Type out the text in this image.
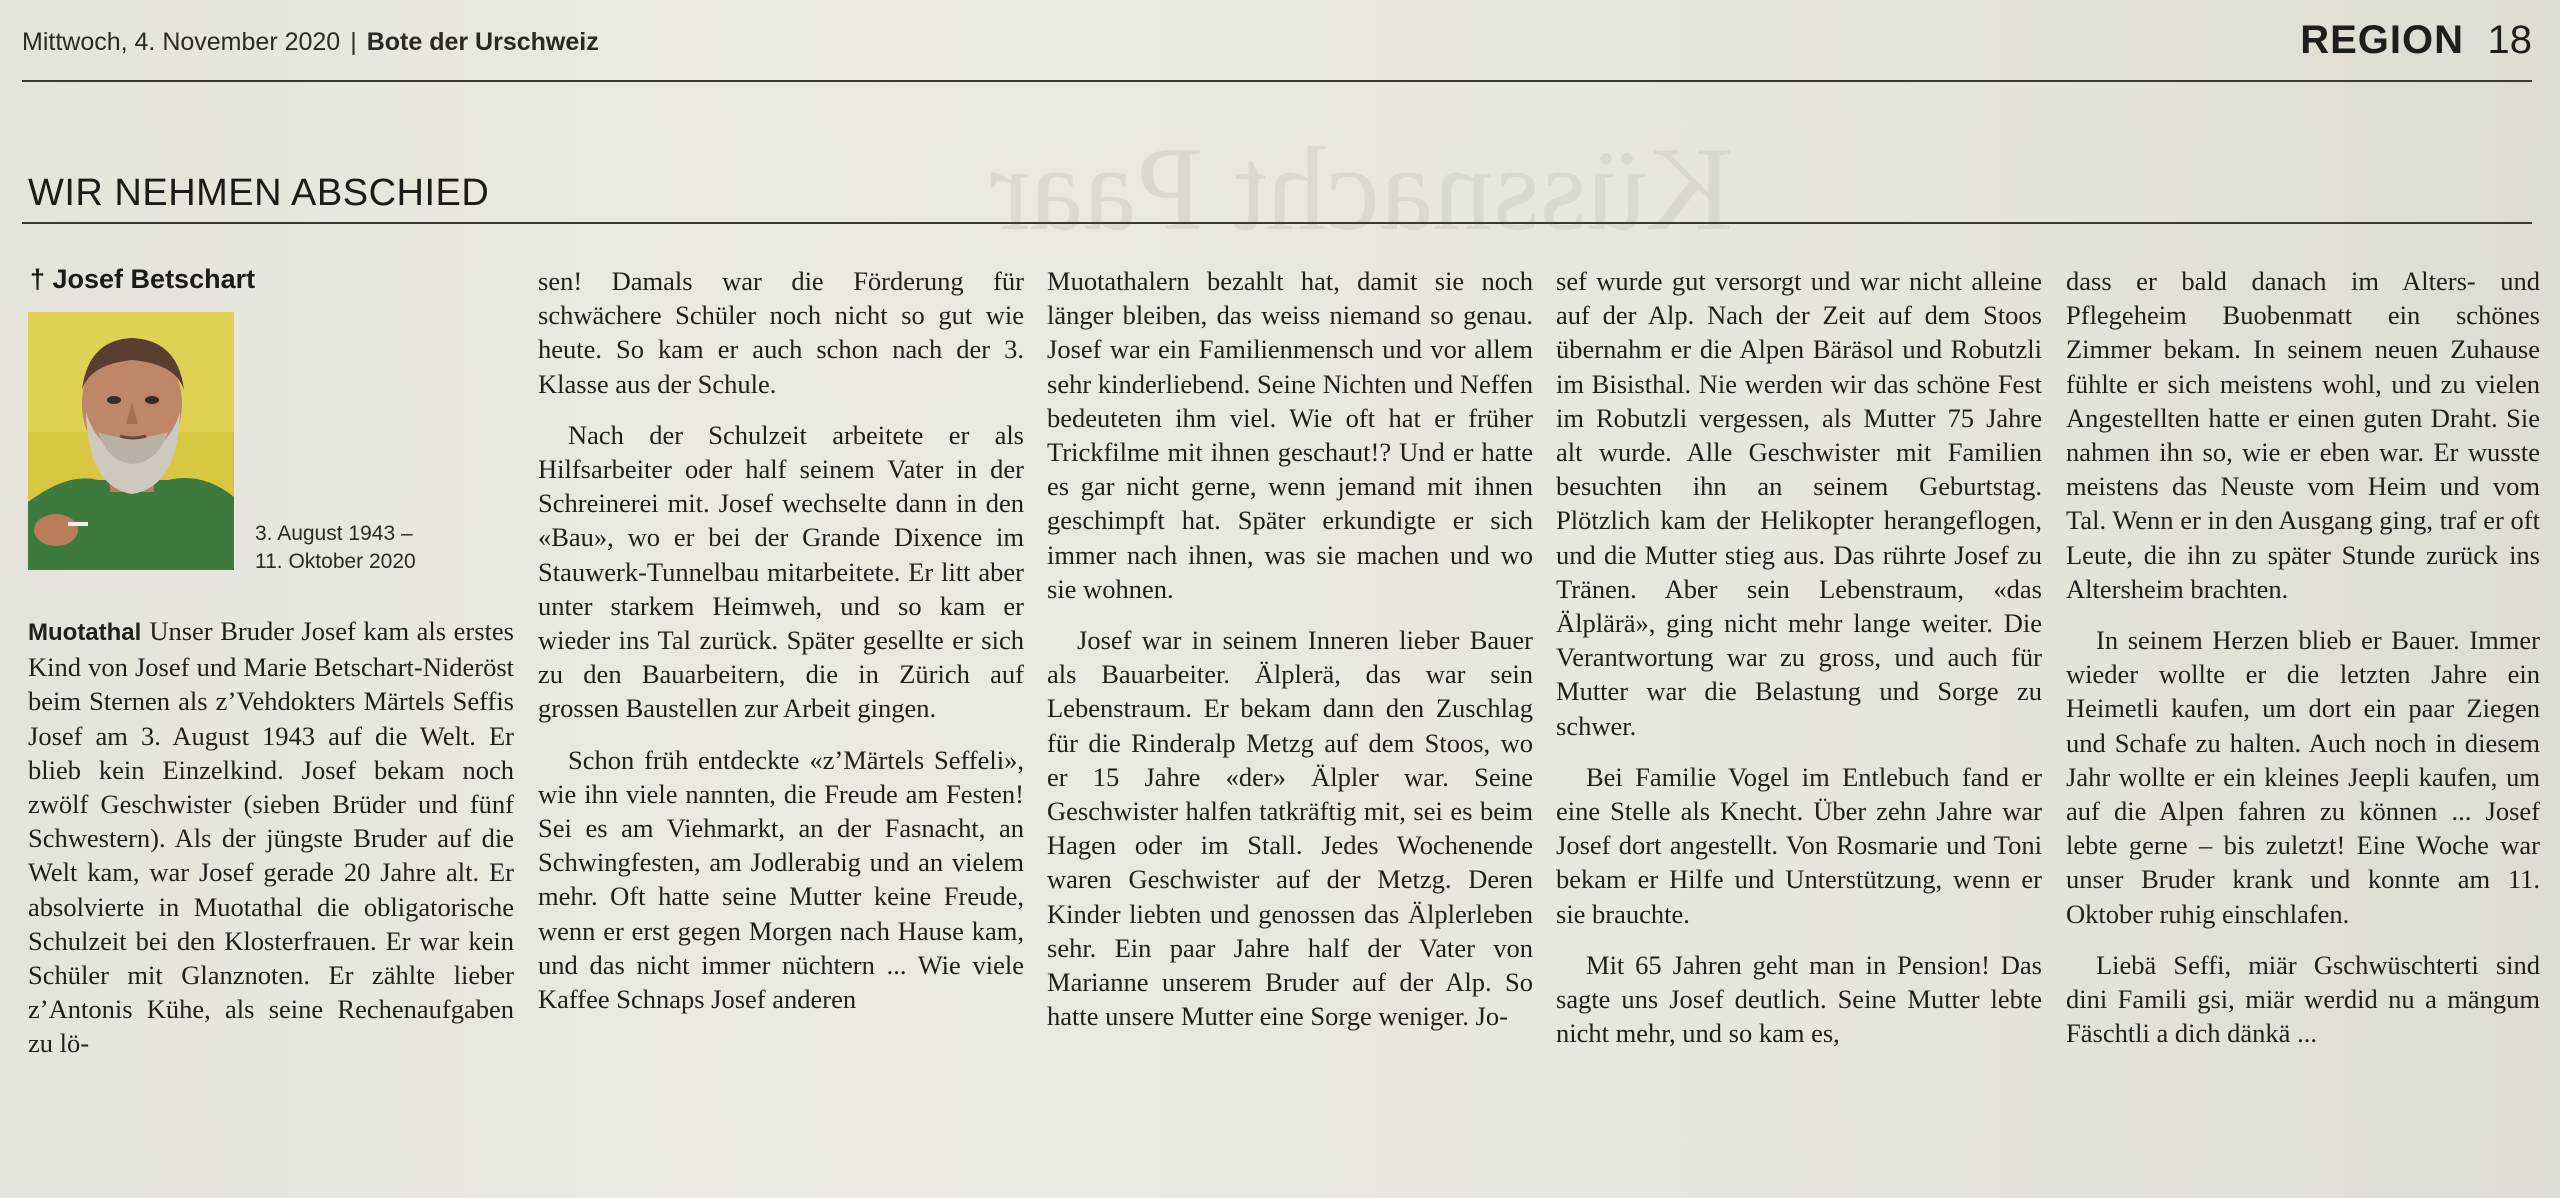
Küssnacht Paar
Mittwoch, 4. November 2020 | Bote der Urschweiz	REGION 18
WIR NEHMEN ABSCHIED
† Josef Betschart
3. August 1943 –
11. Oktober 2020

Muotathal Unser Bruder Josef kam als erstes Kind von Josef und Marie Betschart-Nideröst beim Sternen als z’Vehdokters Märtels Seffis Josef am 3. August 1943 auf die Welt. Er blieb kein Einzelkind. Josef bekam noch zwölf Geschwister (sieben Brüder und fünf Schwestern). Als der jüngste Bruder auf die Welt kam, war Josef gerade 20 Jahre alt. Er absolvierte in Muotathal die obligatorische Schulzeit bei den Klosterfrauen. Er war kein Schüler mit Glanznoten. Er zählte lieber z’Antonis Kühe, als seine Rechenaufgaben zu lö-

sen! Damals war die Förderung für schwächere Schüler noch nicht so gut wie heute. So kam er auch schon nach der 3. Klasse aus der Schule.

Nach der Schulzeit arbeitete er als Hilfsarbeiter oder half seinem Vater in der Schreinerei mit. Josef wechselte dann in den «Bau», wo er bei der Grande Dixence im Stauwerk-Tunnelbau mitarbeitete. Er litt aber unter starkem Heimweh, und so kam er wieder ins Tal zurück. Später gesellte er sich zu den Bauarbeitern, die in Zürich auf grossen Baustellen zur Arbeit gingen.

Schon früh entdeckte «z’Märtels Seffeli», wie ihn viele nannten, die Freude am Festen! Sei es am Viehmarkt, an der Fasnacht, an Schwingfesten, am Jodlerabig und an vielem mehr. Oft hatte seine Mutter keine Freude, wenn er erst gegen Morgen nach Hause kam, und das nicht immer nüchtern ... Wie viele Kaffee Schnaps Josef anderen

Muotathalern bezahlt hat, damit sie noch länger bleiben, das weiss niemand so genau. Josef war ein Familienmensch und vor allem sehr kinderliebend. Seine Nichten und Neffen bedeuteten ihm viel. Wie oft hat er früher Trickfilme mit ihnen geschaut!? Und er hatte es gar nicht gerne, wenn jemand mit ihnen geschimpft hat. Später erkundigte er sich immer nach ihnen, was sie machen und wo sie wohnen.

Josef war in seinem Inneren lieber Bauer als Bauarbeiter. Älplerä, das war sein Lebenstraum. Er bekam dann den Zuschlag für die Rinderalp Metzg auf dem Stoos, wo er 15 Jahre «der» Älpler war. Seine Geschwister halfen tatkräftig mit, sei es beim Hagen oder im Stall. Jedes Wochenende waren Geschwister auf der Metzg. Deren Kinder liebten und genossen das Älplerleben sehr. Ein paar Jahre half der Vater von Marianne unserem Bruder auf der Alp. So hatte unsere Mutter eine Sorge weniger. Jo-

sef wurde gut versorgt und war nicht alleine auf der Alp. Nach der Zeit auf dem Stoos übernahm er die Alpen Bäräsol und Robutzli im Bisisthal. Nie werden wir das schöne Fest im Robutzli vergessen, als Mutter 75 Jahre alt wurde. Alle Geschwister mit Familien besuchten ihn an seinem Geburtstag. Plötzlich kam der Helikopter herangeflogen, und die Mutter stieg aus. Das rührte Josef zu Tränen. Aber sein Lebenstraum, «das Älplärä», ging nicht mehr lange weiter. Die Verantwortung war zu gross, und auch für Mutter war die Belastung und Sorge zu schwer.

Bei Familie Vogel im Entlebuch fand er eine Stelle als Knecht. Über zehn Jahre war Josef dort angestellt. Von Rosmarie und Toni bekam er Hilfe und Unterstützung, wenn er sie brauchte.

Mit 65 Jahren geht man in Pension! Das sagte uns Josef deutlich. Seine Mutter lebte nicht mehr, und so kam es,

dass er bald danach im Alters- und Pflegeheim Buobenmatt ein schönes Zimmer bekam. In seinem neuen Zuhause fühlte er sich meistens wohl, und zu vielen Angestellten hatte er einen guten Draht. Sie nahmen ihn so, wie er eben war. Er wusste meistens das Neuste vom Heim und vom Tal. Wenn er in den Ausgang ging, traf er oft Leute, die ihn zu später Stunde zurück ins Altersheim brachten.

In seinem Herzen blieb er Bauer. Immer wieder wollte er die letzten Jahre ein Heimetli kaufen, um dort ein paar Ziegen und Schafe zu halten. Auch noch in diesem Jahr wollte er ein kleines Jeepli kaufen, um auf die Alpen fahren zu können ... Josef lebte gerne – bis zuletzt! Eine Woche war unser Bruder krank und konnte am 11. Oktober ruhig einschlafen.

Liebä Seffi, miär Gschwüschterti sind dini Famili gsi, miär werdid nu a mängum Fäschtli a dich dänkä ...
